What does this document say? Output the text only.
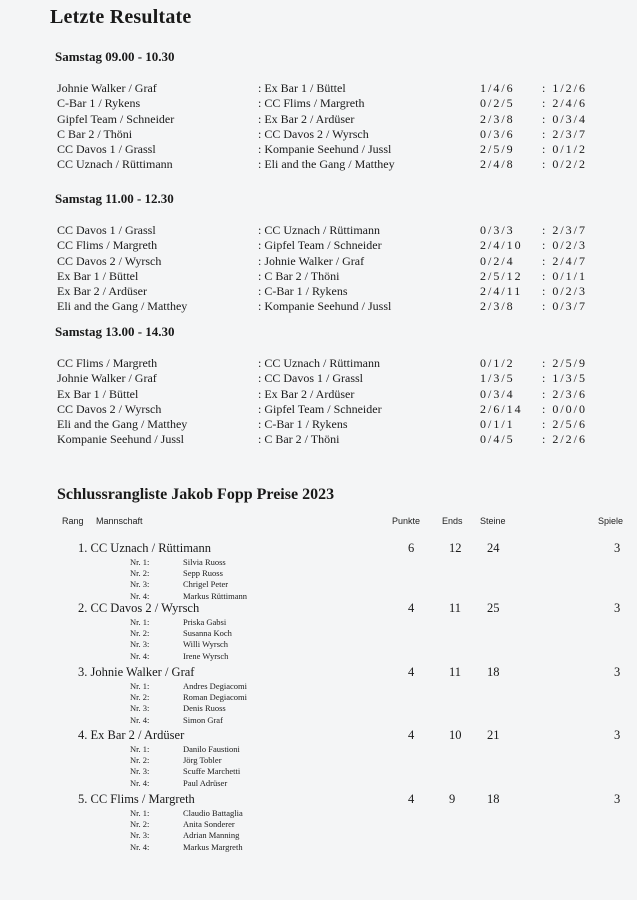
Letzte Resultate
Samstag 09.00 - 10.30
Johnie Walker / Graf	: Ex Bar 1 / Büttel	1/4/6 : 1/2/6
C-Bar 1 / Rykens	: CC Flims / Margreth	0/2/5 : 2/4/6
Gipfel Team / Schneider	: Ex Bar 2 / Ardüser	2/3/8 : 0/3/4
C Bar 2 / Thöni	: CC Davos 2 / Wyrsch	0/3/6 : 2/3/7
CC Davos 1 / Grassl	: Kompanie Seehund / Jussl	2/5/9 : 0/1/2
CC Uznach / Rüttimann	: Eli and the Gang / Matthey	2/4/8 : 0/2/2
Samstag 11.00 - 12.30
CC Davos 1 / Grassl	: CC Uznach / Rüttimann	0/3/3 : 2/3/7
CC Flims / Margreth	: Gipfel Team / Schneider	2/4/10 : 0/2/3
CC Davos 2 / Wyrsch	: Johnie Walker / Graf	0/2/4 : 2/4/7
Ex Bar 1 / Büttel	: C Bar 2 / Thöni	2/5/12 : 0/1/1
Ex Bar 2 / Ardüser	: C-Bar 1 / Rykens	2/4/11 : 0/2/3
Eli and the Gang / Matthey	: Kompanie Seehund / Jussl	2/3/8 : 0/3/7
Samstag 13.00 - 14.30
CC Flims / Margreth	: CC Uznach / Rüttimann	0/1/2 : 2/5/9
Johnie Walker / Graf	: CC Davos 1 / Grassl	1/3/5 : 1/3/5
Ex Bar 1 / Büttel	: Ex Bar 2 / Ardüser	0/3/4 : 2/3/6
CC Davos 2 / Wyrsch	: Gipfel Team / Schneider	2/6/14 : 0/0/0
Eli and the Gang / Matthey	: C-Bar 1 / Rykens	0/1/1 : 2/5/6
Kompanie Seehund / Jussl	: C Bar 2 / Thöni	0/4/5 : 2/2/6
Schlussrangliste Jakob Fopp Preise 2023
Rang Mannschaft	Punkte Ends Steine	Spiele
1. CC Uznach / Rüttimann	6	12 24	3
Nr. 1:	Silvia Ruoss
Nr. 2:	Sepp Ruoss
Nr. 3:	Chrigel Peter
Nr. 4:	Markus Rüttimann
2. CC Davos 2 / Wyrsch	4	11 25	3
Nr. 1:	Priska Gabsi
Nr. 2:	Susanna Koch
Nr. 3:	Willi Wyrsch
Nr. 4:	Irene Wyrsch
3. Johnie Walker / Graf	4	11 18	3
Nr. 1:	Andres Degiacomi
Nr. 2:	Roman Degiacomi
Nr. 3:	Denis Ruoss
Nr. 4:	Simon Graf
4. Ex Bar 2 / Ardüser	4	10 21	3
Nr. 1:	Danilo Faustioni
Nr. 2:	Jörg Tobler
Nr. 3:	Scuffe Marchetti
Nr. 4:	Paul Adrüser
5. CC Flims / Margreth	4	9	18	3
Nr. 1:	Claudio Battaglia
Nr. 2:	Anita Sonderer
Nr. 3:	Adrian Manning
Nr. 4:	Markus Margreth
